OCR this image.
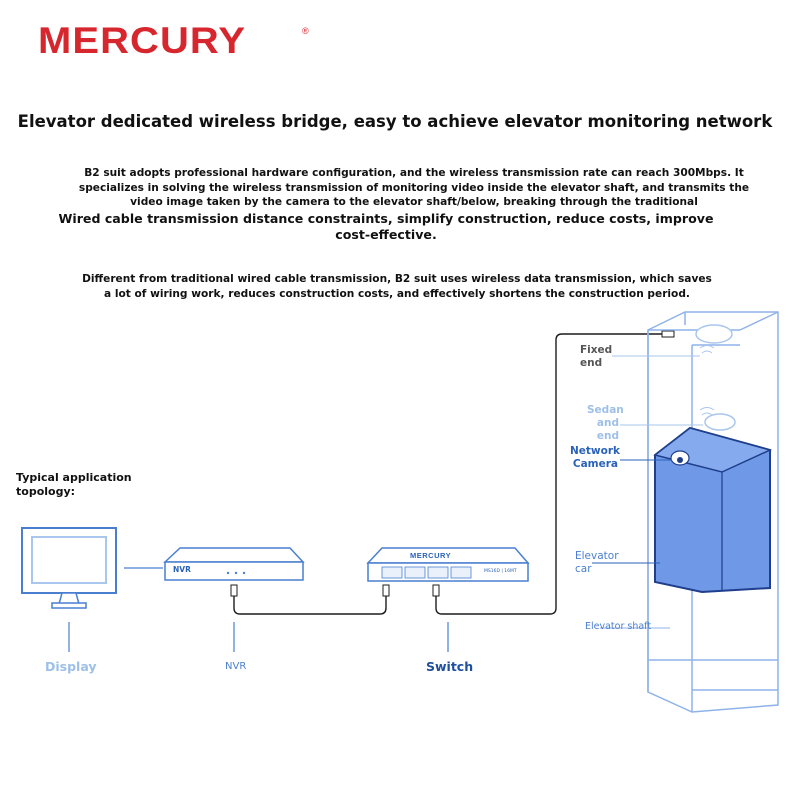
MERCURY	®
Elevator dedicated wireless bridge, easy to achieve elevator monitoring network
B2 suit adopts professional hardware configuration, and the wireless transmission rate can reach 300Mbps. It
specializes in solving the wireless transmission of monitoring video inside the elevator shaft, and transmits the
video image taken by the camera to the elevator shaft/below, breaking through the traditional
Wired cable transmission distance constraints, simplify construction, reduce costs, improve
cost-effective.
Different from traditional wired cable transmission, B2 suit uses wireless data transmission, which saves
a lot of wiring work, reduces construction costs, and effectively shortens the construction period.
NVR
MERCURY
MS16D | 16MT
Typical application
topology:
Display	NVR	Switch
Fixed
end
Sedan
and
end
Network
Camera
Elevator
car
Elevator shaft
